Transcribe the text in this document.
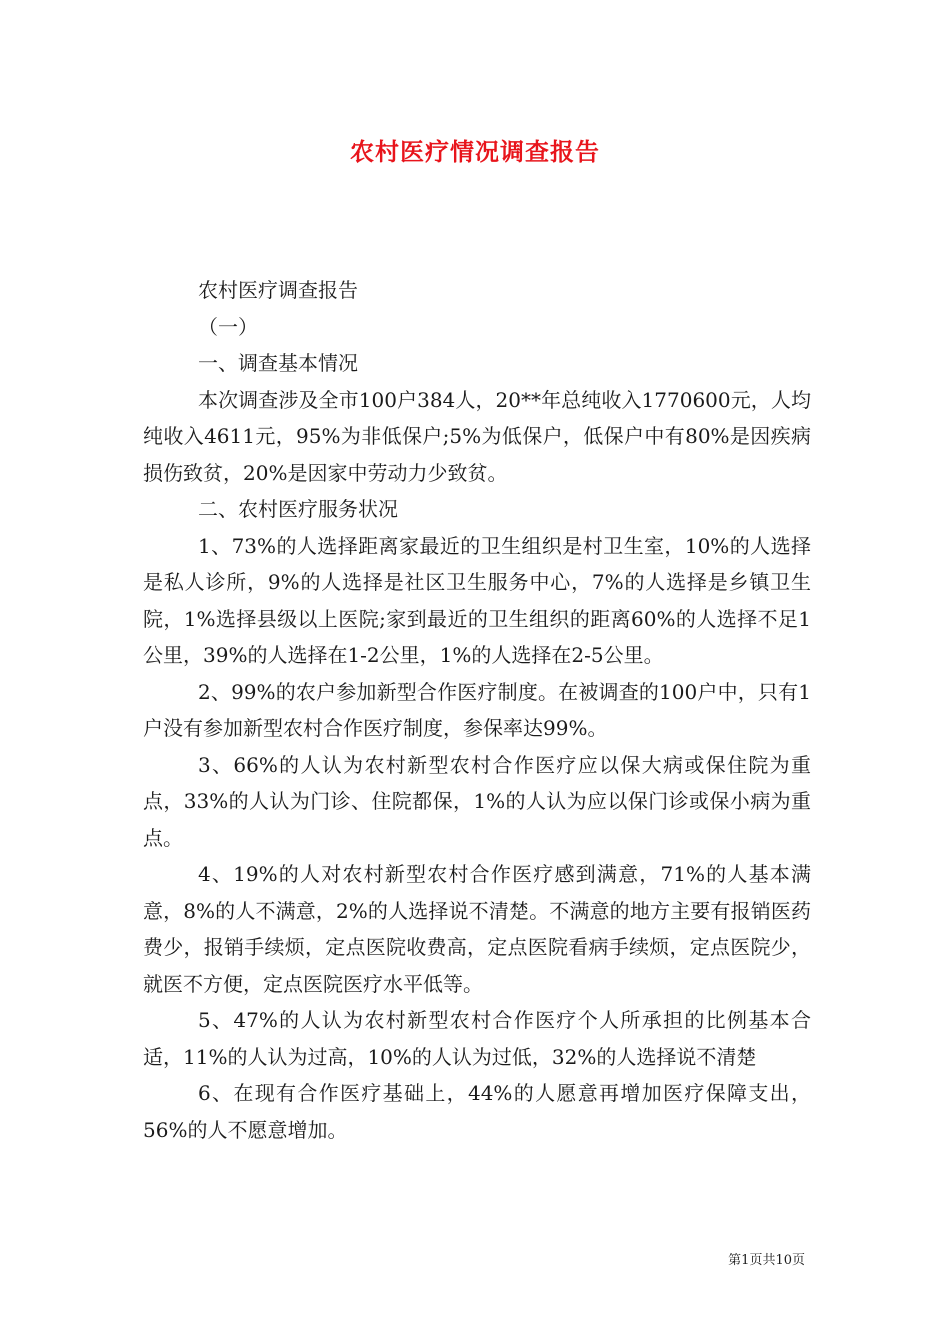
农村医疗情况调查报告

农村医疗调查报告

（一）

一、调查基本情况

本次调查涉及全市100户384人，20**年总纯收入1770600元，人均纯收入4611元，95%为非低保户;5%为低保户，低保户中有80%是因疾病损伤致贫，20%是因家中劳动力少致贫。

二、农村医疗服务状况

1、73%的人选择距离家最近的卫生组织是村卫生室，10%的人选择是私人诊所，9%的人选择是社区卫生服务中心，7%的人选择是乡镇卫生院，1%选择县级以上医院;家到最近的卫生组织的距离60%的人选择不足1公里，39%的人选择在1-2公里，1%的人选择在2-5公里。

2、99%的农户参加新型合作医疗制度。在被调查的100户中，只有1户没有参加新型农村合作医疗制度，参保率达99%。

3、66%的人认为农村新型农村合作医疗应以保大病或保住院为重点，33%的人认为门诊、住院都保，1%的人认为应以保门诊或保小病为重点。

4、19%的人对农村新型农村合作医疗感到满意，71%的人基本满意，8%的人不满意，2%的人选择说不清楚。不满意的地方主要有报销医药费少，报销手续烦，定点医院收费高，定点医院看病手续烦，定点医院少，就医不方便，定点医院医疗水平低等。

5、47%的人认为农村新型农村合作医疗个人所承担的比例基本合适，11%的人认为过高，10%的人认为过低，32%的人选择说不清楚

6、在现有合作医疗基础上，44%的人愿意再增加医疗保障支出，56%的人不愿意增加。

第1页共10页
